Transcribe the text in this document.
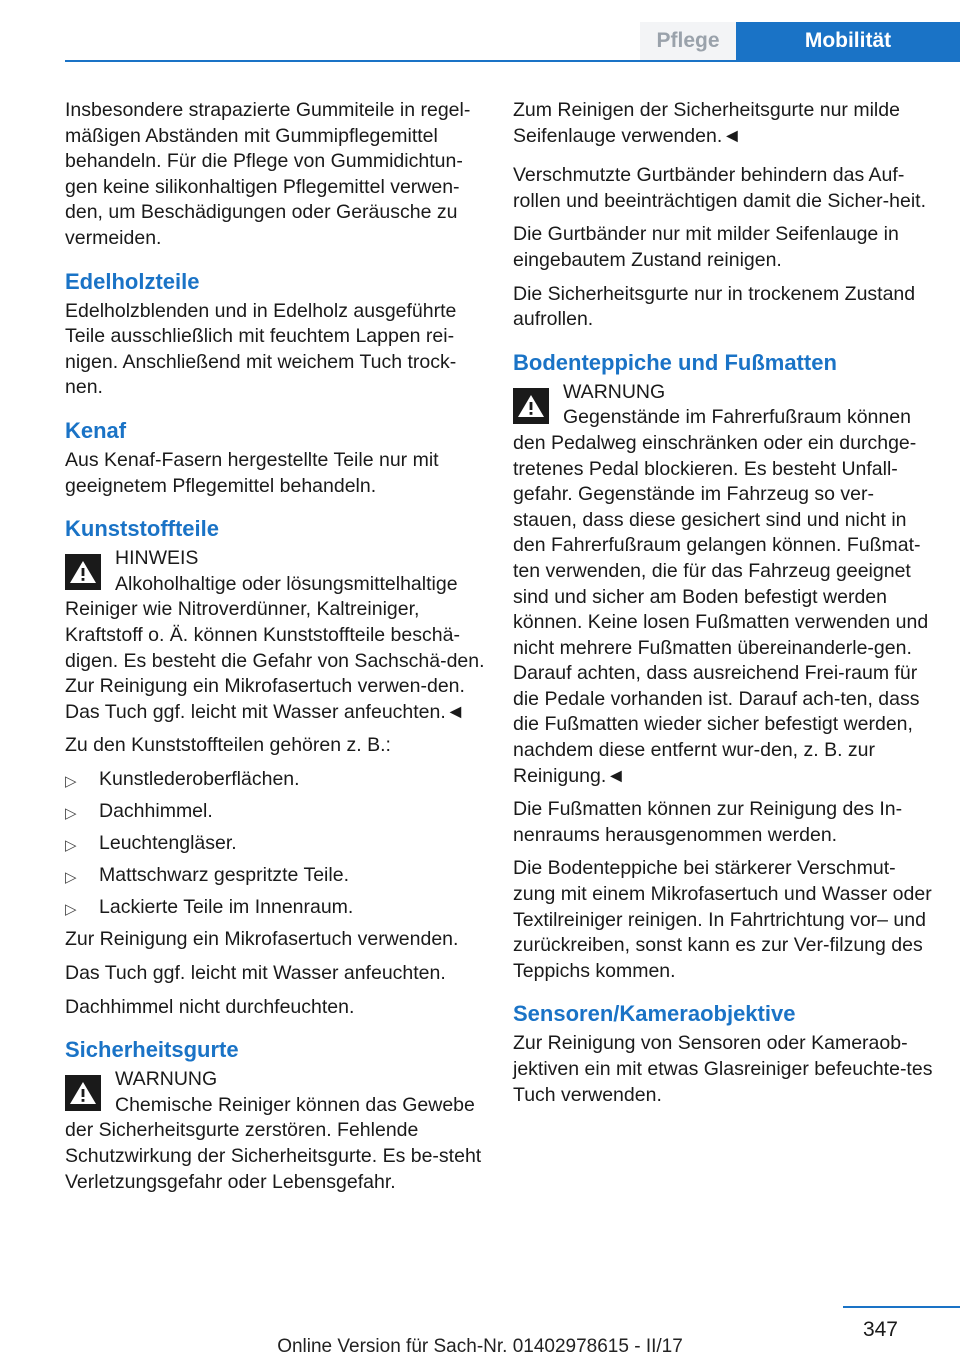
Pflege	Mobilität

Insbesondere strapazierte Gummiteile in regel‐mäßigen Abständen mit Gummipflegemittel behandeln. Für die Pflege von Gummidichtun‐gen keine silikonhaltigen Pflegemittel verwen‐den, um Beschädigungen oder Geräusche zu vermeiden.

Edelholzteile

Edelholzblenden und in Edelholz ausgeführte Teile ausschließlich mit feuchtem Lappen rei‐nigen. Anschließend mit weichem Tuch trock‐nen.

Kenaf

Aus Kenaf-Fasern hergestellte Teile nur mit geeignetem Pflegemittel behandeln.

Kunststoffteile
HINWEIS
Alkoholhaltige oder lösungsmittelhaltige Reiniger wie Nitroverdünner, Kaltreiniger, Kraftstoff o. Ä. können Kunststoffteile beschä‐digen. Es besteht die Gefahr von Sachschä‐den. Zur Reinigung ein Mikrofasertuch verwen‐den. Das Tuch ggf. leicht mit Wasser anfeuchten.◄

Zu den Kunststoffteilen gehören z. B.:

▷ Kunstlederoberflächen.
▷ Dachhimmel.
▷ Leuchtengläser.
▷ Mattschwarz gespritzte Teile.
▷ Lackierte Teile im Innenraum.

Zur Reinigung ein Mikrofasertuch verwenden.

Das Tuch ggf. leicht mit Wasser anfeuchten.

Dachhimmel nicht durchfeuchten.

Sicherheitsgurte
WARNUNG
Chemische Reiniger können das Gewebe der Sicherheitsgurte zerstören. Fehlende Schutzwirkung der Sicherheitsgurte. Es be‐steht Verletzungsgefahr oder Lebensgefahr.

Zum Reinigen der Sicherheitsgurte nur milde Seifenlauge verwenden.◄

Verschmutzte Gurtbänder behindern das Auf‐rollen und beeinträchtigen damit die Sicher‐heit.

Die Gurtbänder nur mit milder Seifenlauge in eingebautem Zustand reinigen.

Die Sicherheitsgurte nur in trockenem Zustand aufrollen.

Bodenteppiche und Fußmatten
WARNUNG
Gegenstände im Fahrerfußraum können den Pedalweg einschränken oder ein durchge‐tretenes Pedal blockieren. Es besteht Unfall‐gefahr. Gegenstände im Fahrzeug so ver‐stauen, dass diese gesichert sind und nicht in den Fahrerfußraum gelangen können. Fußmat‐ten verwenden, die für das Fahrzeug geeignet sind und sicher am Boden befestigt werden können. Keine losen Fußmatten verwenden und nicht mehrere Fußmatten übereinanderle‐gen. Darauf achten, dass ausreichend Frei‐raum für die Pedale vorhanden ist. Darauf ach‐ten, dass die Fußmatten wieder sicher befestigt werden, nachdem diese entfernt wur‐den, z. B. zur Reinigung.◄

Die Fußmatten können zur Reinigung des In‐nenraums herausgenommen werden.

Die Bodenteppiche bei stärkerer Verschmut‐zung mit einem Mikrofasertuch und Wasser oder Textilreiniger reinigen. In Fahrtrichtung vor– und zurückreiben, sonst kann es zur Ver‐filzung des Teppichs kommen.

Sensoren/Kameraobjektive

Zur Reinigung von Sensoren oder Kameraob‐jektiven ein mit etwas Glasreiniger befeuchte‐tes Tuch verwenden.

347
Online Version für Sach-Nr. 01402978615 - II/17
